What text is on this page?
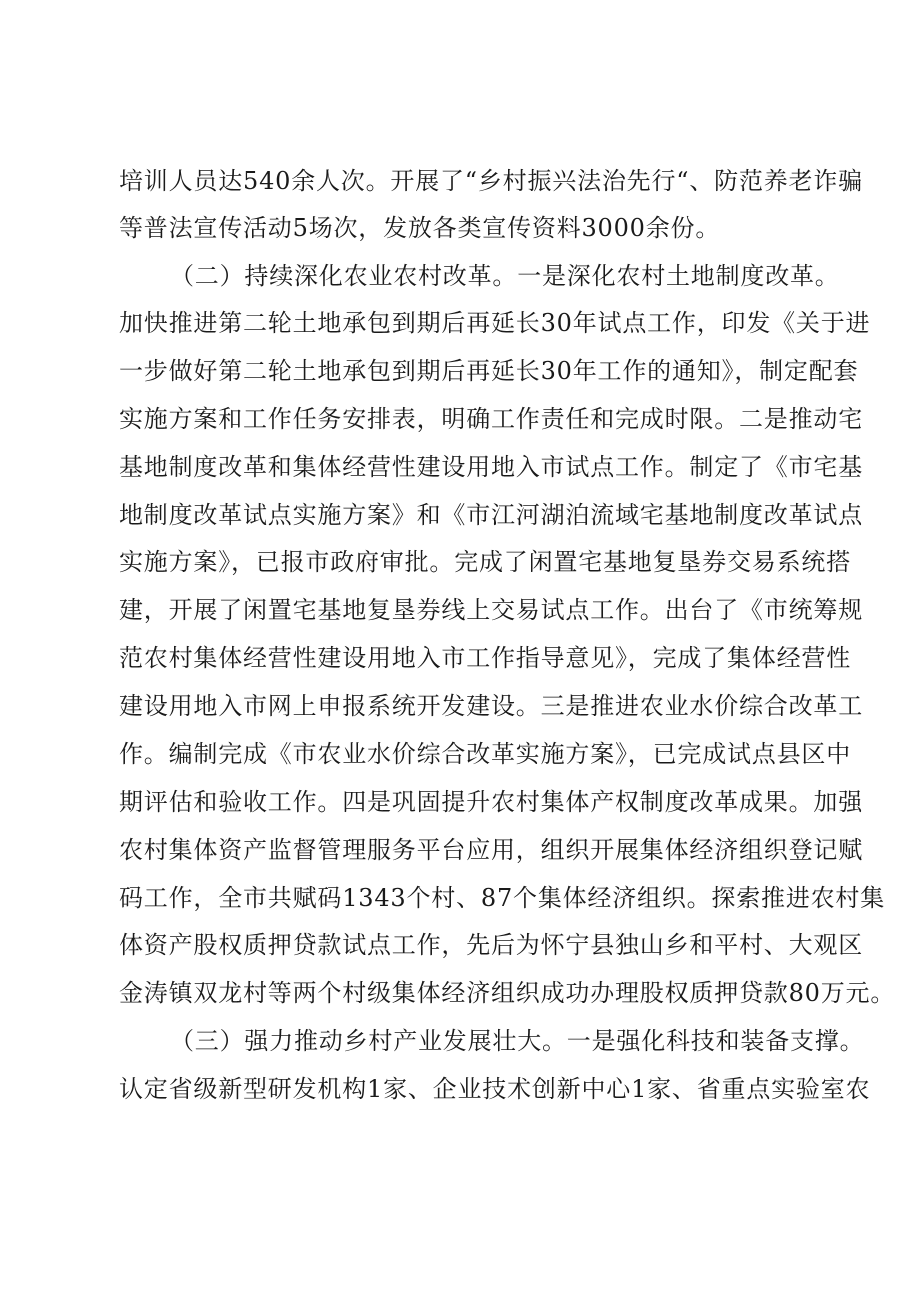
培训人员达540余人次。开展了“乡村振兴法治先行“、防范养老诈骗
等普法宣传活动5场次，发放各类宣传资料3000余份。
（二）持续深化农业农村改革。一是深化农村土地制度改革。
加快推进第二轮土地承包到期后再延长30年试点工作，印发《关于进
一步做好第二轮土地承包到期后再延长30年工作的通知》，制定配套
实施方案和工作任务安排表，明确工作责任和完成时限。二是推动宅
基地制度改革和集体经营性建设用地入市试点工作。制定了《市宅基
地制度改革试点实施方案》和《市江河湖泊流域宅基地制度改革试点
实施方案》，已报市政府审批。完成了闲置宅基地复垦券交易系统搭
建，开展了闲置宅基地复垦券线上交易试点工作。出台了《市统筹规
范农村集体经营性建设用地入市工作指导意见》，完成了集体经营性
建设用地入市网上申报系统开发建设。三是推进农业水价综合改革工
作。编制完成《市农业水价综合改革实施方案》，已完成试点县区中
期评估和验收工作。四是巩固提升农村集体产权制度改革成果。加强
农村集体资产监督管理服务平台应用，组织开展集体经济组织登记赋
码工作，全市共赋码1343个村、87个集体经济组织。探索推进农村集
体资产股权质押贷款试点工作，先后为怀宁县独山乡和平村、大观区
金涛镇双龙村等两个村级集体经济组织成功办理股权质押贷款80万元。
（三）强力推动乡村产业发展壮大。一是强化科技和装备支撑。
认定省级新型研发机构1家、企业技术创新中心1家、省重点实验室农
